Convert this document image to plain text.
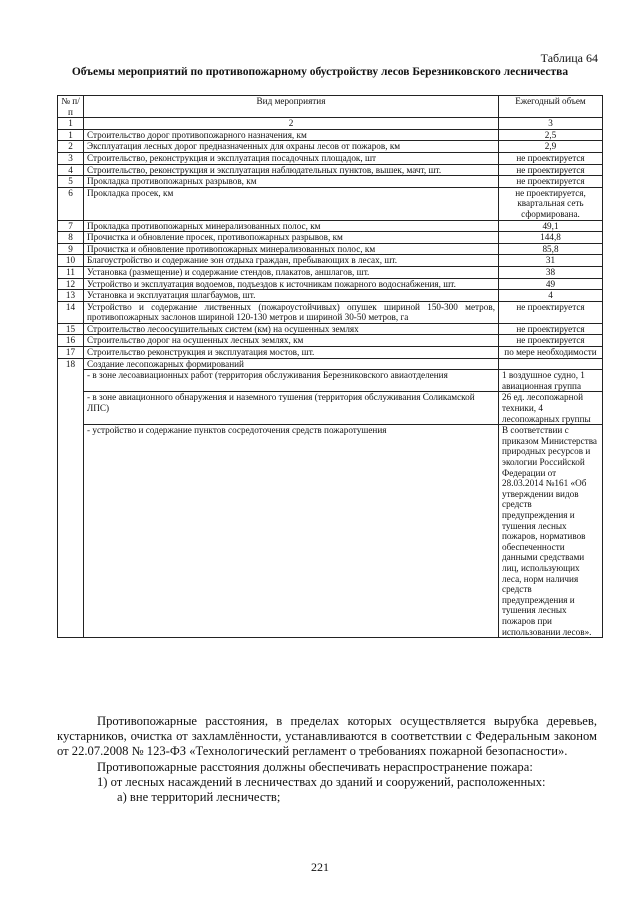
Таблица 64
Объемы мероприятий по противопожарному обустройству лесов Березниковского лесничества
№ п/п	Вид мероприятия	Ежегодный объем
1	2	3
1	Строительство дорог противопожарного назначения, км	2,5
2	Эксплуатация лесных дорог предназначенных для охраны лесов от пожаров, км	2,9
3	Строительство, реконструкция и эксплуатация посадочных площадок, шт	не проектируется
4	Строительство, реконструкция и эксплуатация наблюдательных пунктов, вышек, мачт, шт.	не проектируется
5	Прокладка противопожарных разрывов, км	не проектируется
6	Прокладка просек, км	не проектируется, квартальная сеть сформирована.
7	Прокладка противопожарных минерализованных полос, км	49,1
8	Прочистка и обновление просек, противопожарных разрывов, км	144,8
9	Прочистка и обновление противопожарных минерализованных полос, км	85,8
10	Благоустройство и содержание зон отдыха граждан, пребывающих в лесах, шт.	31
11	Установка (размещение) и содержание стендов, плакатов, аншлагов, шт.	38
12	Устройство и эксплуатация водоемов, подъездов к источникам пожарного водоснабжения, шт.	49
13	Установка и эксплуатация шлагбаумов, шт.	4
14	Устройство и содержание лиственных (пожароустойчивых) опушек шириной 150-300 метров, противопожарных заслонов шириной 120-130 метров и шириной 30-50 метров, га	не проектируется
15	Строительство лесоосушительных систем (км) на осушенных землях	не проектируется
16	Строительство дорог на осушенных лесных землях, км	не проектируется
17	Строительство реконструкция и эксплуатация мостов, шт.	по мере необходимости
18	Создание лесопожарных формирований	
	- в зоне лесоавиационных работ (территория обслуживания Березниковского авиаотделения	1 воздушное судно, 1 авиационная группа
	- в зоне авиационного обнаружения и наземного тушения (территория обслуживания Соликамской ЛПС)	26 ед. лесопожарной техники, 4 лесопожарных группы
	- устройство и содержание пунктов сосредоточения средств пожаротушения	В соответствии с приказом Министерства природных ресурсов и экологии Российской Федерации от 28.03.2014 №161 «Об утверждении видов средств предупреждения и тушения лесных пожаров, нормативов обеспеченности данными средствами лиц, использующих леса, норм наличия средств предупреждения и тушения лесных пожаров при использовании лесов».

Противопожарные расстояния, в пределах которых осуществляется вырубка деревьев, кустарников, очистка от захламлённости, устанавливаются в соответствии с Федеральным законом от 22.07.2008 № 123-ФЗ «Технологический регламент о требованиях пожарной безопасности».

Противопожарные расстояния должны обеспечивать нераспространение пожара:

1) от лесных насаждений в лесничествах до зданий и сооружений, расположенных:

а) вне территорий лесничеств;

221
